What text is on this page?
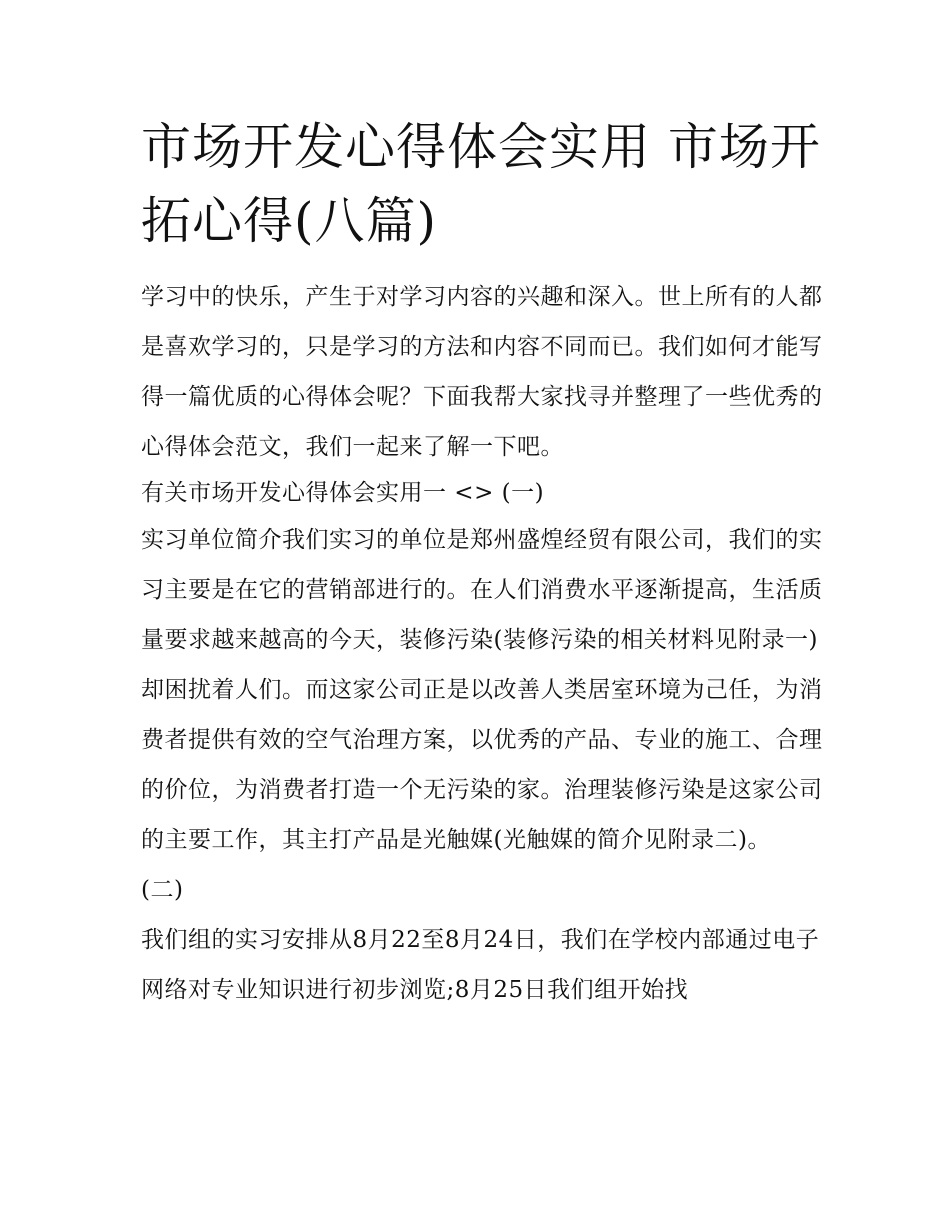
市场开发心得体会实用 市场开拓心得(八篇)

学习中的快乐，产生于对学习内容的兴趣和深入。世上所有的人都是喜欢学习的，只是学习的方法和内容不同而已。我们如何才能写得一篇优质的心得体会呢？下面我帮大家找寻并整理了一些优秀的心得体会范文，我们一起来了解一下吧。

有关市场开发心得体会实用一 <> (一)

实习单位简介我们实习的单位是郑州盛煌经贸有限公司，我们的实习主要是在它的营销部进行的。在人们消费水平逐渐提高，生活质量要求越来越高的今天，装修污染(装修污染的相关材料见附录一)却困扰着人们。而这家公司正是以改善人类居室环境为己任，为消费者提供有效的空气治理方案，以优秀的产品、专业的施工、合理的价位，为消费者打造一个无污染的家。治理装修污染是这家公司的主要工作，其主打产品是光触媒(光触媒的简介见附录二)。

(二)

我们组的实习安排从8月22至8月24日，我们在学校内部通过电子网络对专业知识进行初步浏览;8月25日我们组开始找
